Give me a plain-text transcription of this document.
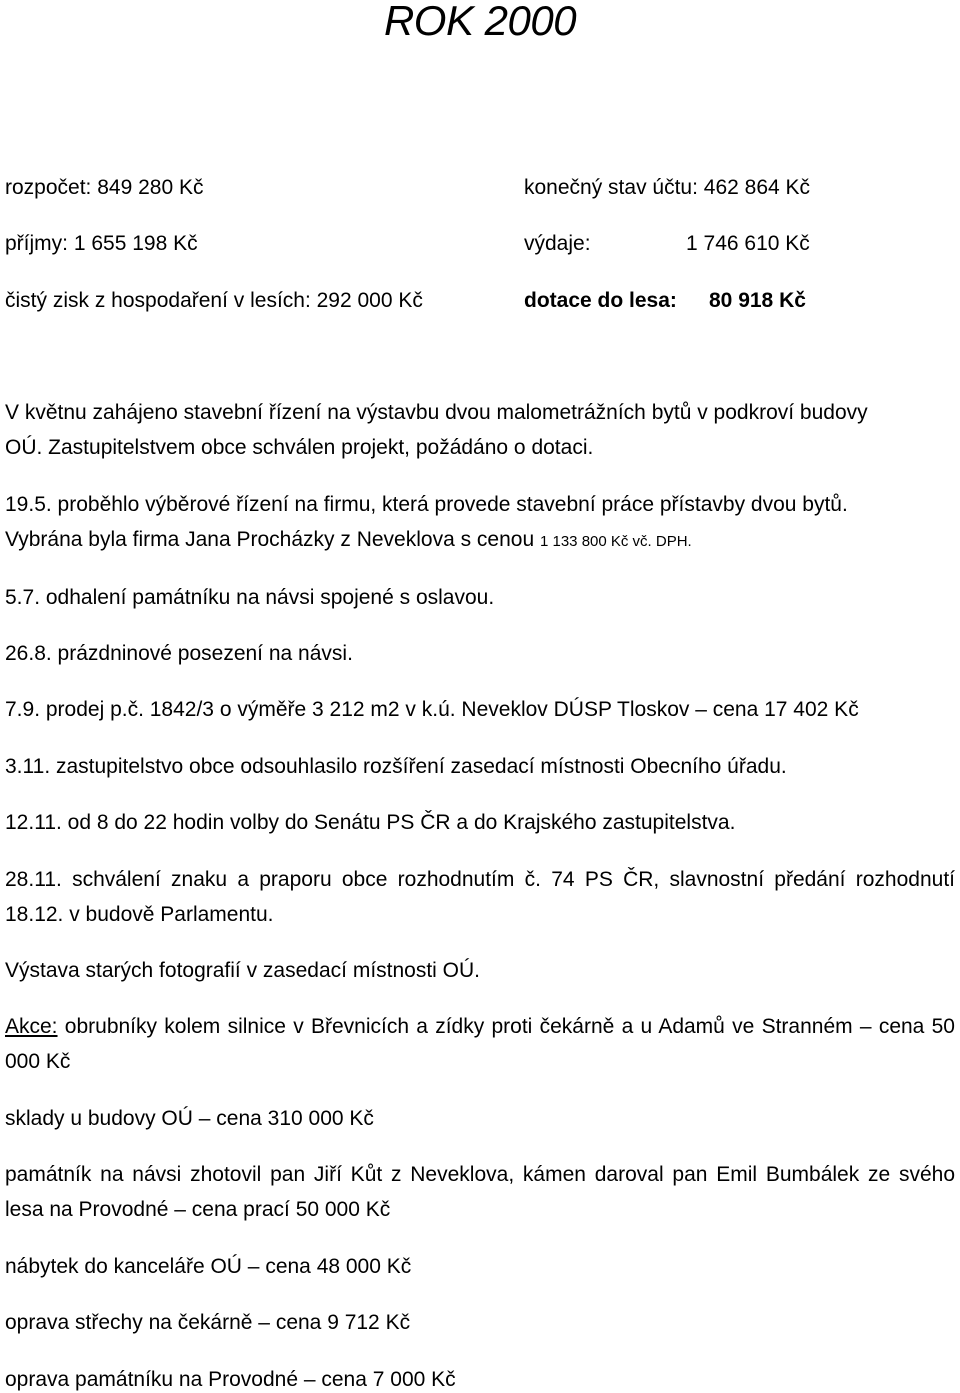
ROK 2000
rozpočet: 849 280 Kč	konečný stav účtu: 462 864 Kč
příjmy: 1 655 198 Kč	výdaje:	1 746 610 Kč
čistý zisk z hospodaření v lesích: 292 000 Kč	dotace do lesa: 80 918 Kč
V květnu zahájeno stavební řízení na výstavbu dvou malometrážních bytů v podkroví budovy
OÚ. Zastupitelstvem obce schválen projekt, požádáno o dotaci.
19.5. proběhlo výběrové řízení na firmu, která provede stavební práce přístavby dvou bytů.
Vybrána byla firma Jana Procházky z Neveklova s cenou 1 133 800 Kč vč. DPH.
5.7. odhalení památníku na návsi spojené s oslavou.
26.8. prázdninové posezení na návsi.
7.9. prodej p.č. 1842/3 o výměře 3 212 m2 v k.ú. Neveklov DÚSP Tloskov – cena 17 402 Kč
3.11. zastupitelstvo obce odsouhlasilo rozšíření zasedací místnosti Obecního úřadu.
12.11. od 8 do 22 hodin volby do Senátu PS ČR a do Krajského zastupitelstva.
28.11. schválení znaku a praporu obce rozhodnutím č. 74 PS ČR, slavnostní předání rozhodnutí 18.12. v budově Parlamentu.
Výstava starých fotografií v zasedací místnosti OÚ.
Akce: obrubníky kolem silnice v Břevnicích a zídky proti čekárně a u Adamů ve Stranném – cena 50 000 Kč
sklady u budovy OÚ – cena 310 000 Kč
památník na návsi zhotovil pan Jiří Kůt z Neveklova, kámen daroval pan Emil Bumbálek ze svého lesa na Provodné – cena prací 50 000 Kč
nábytek do kanceláře OÚ – cena 48 000 Kč
oprava střechy na čekárně – cena 9 712 Kč
oprava památníku na Provodné – cena 7 000 Kč
